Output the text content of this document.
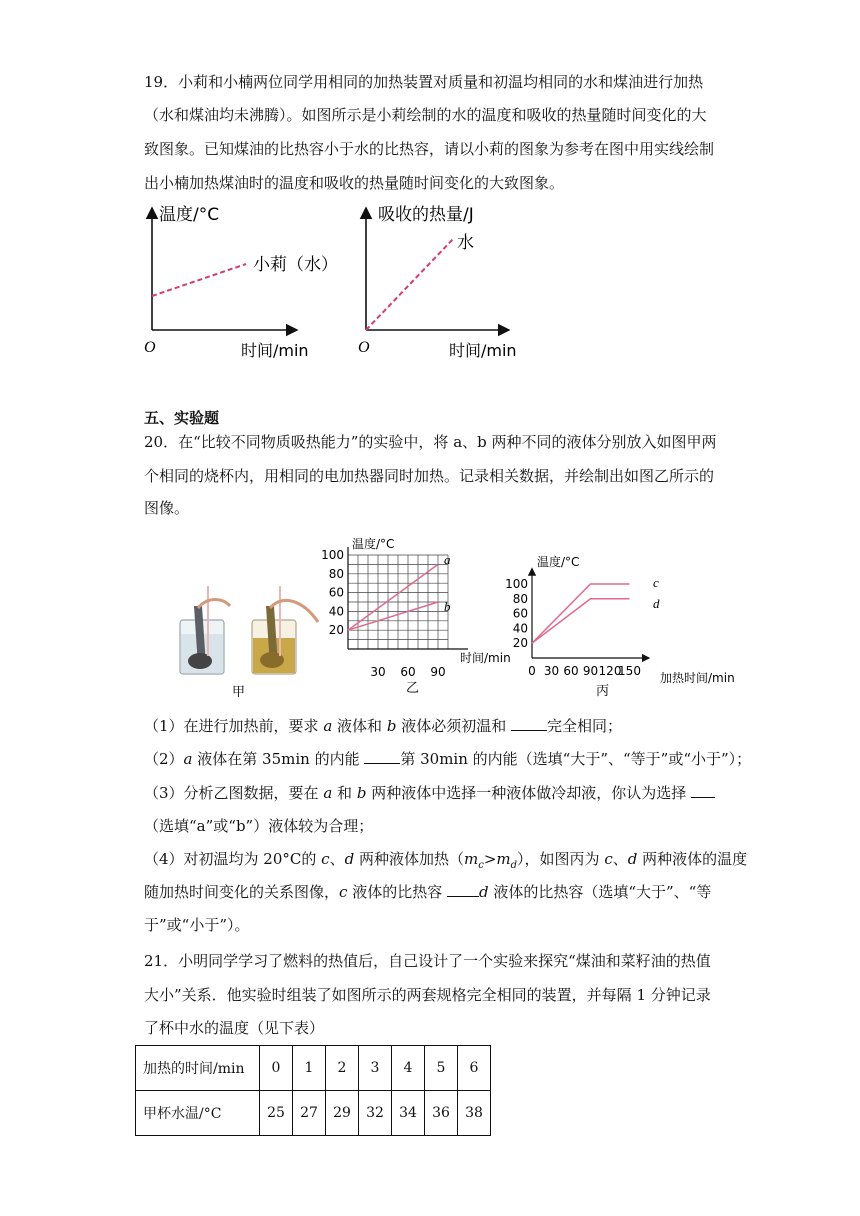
19．小莉和小楠两位同学用相同的加热装置对质量和初温均相同的水和煤油进行加热
（水和煤油均未沸腾）。如图所示是小莉绘制的水的温度和吸收的热量随时间变化的大
致图象。已知煤油的比热容小于水的比热容，请以小莉的图象为参考在图中用实线绘制
出小楠加热煤油时的温度和吸收的热量随时间变化的大致图象。
温度/°C
时间/min
O
小莉（水）
吸收的热量/J
时间/min
O
水
五、实验题
20．在“比较不同物质吸热能力”的实验中，将 a、b 两种不同的液体分别放入如图甲两
个相同的烧杯内，用相同的电加热器同时加热。记录相关数据，并绘制出如图乙所示的
图像。
甲
20
40
60
80
100
30 60 90
温度/°C
时间/min
a
b
乙
20
40
60
80
100
0 30 60 90 120
150
温度/°C
加热时间/min
c
d
丙
（1）在进行加热前，要求 a 液体和 b 液体必须初温和 完全相同；
（2）a 液体在第 35min 的内能 第 30min 的内能（选填“大于”、“等于”或“小于”）；
（3）分析乙图数据，要在 a 和 b 两种液体中选择一种液体做冷却液，你认为选择
（选填“a”或“b”）液体较为合理；
（4）对初温均为 20°C的 c、d 两种液体加热$(m_c>m_d)$，如图丙为 c、d 两种液体的温度
随加热时间变化的关系图像，c 液体的比热容 d 液体的比热容（选填“大于”、“等
于”或“小于”）。
21．小明同学学习了燃料的热值后，自己设计了一个实验来探究“煤油和菜籽油的热值
大小”关系．他实验时组装了如图所示的两套规格完全相同的装置，并每隔 1 分钟记录
了杯中水的温度（见下表）
加热的时间/min	0	1	2	3	4	5	6
甲杯水温/°C	25	27	29	32	34	36	38
